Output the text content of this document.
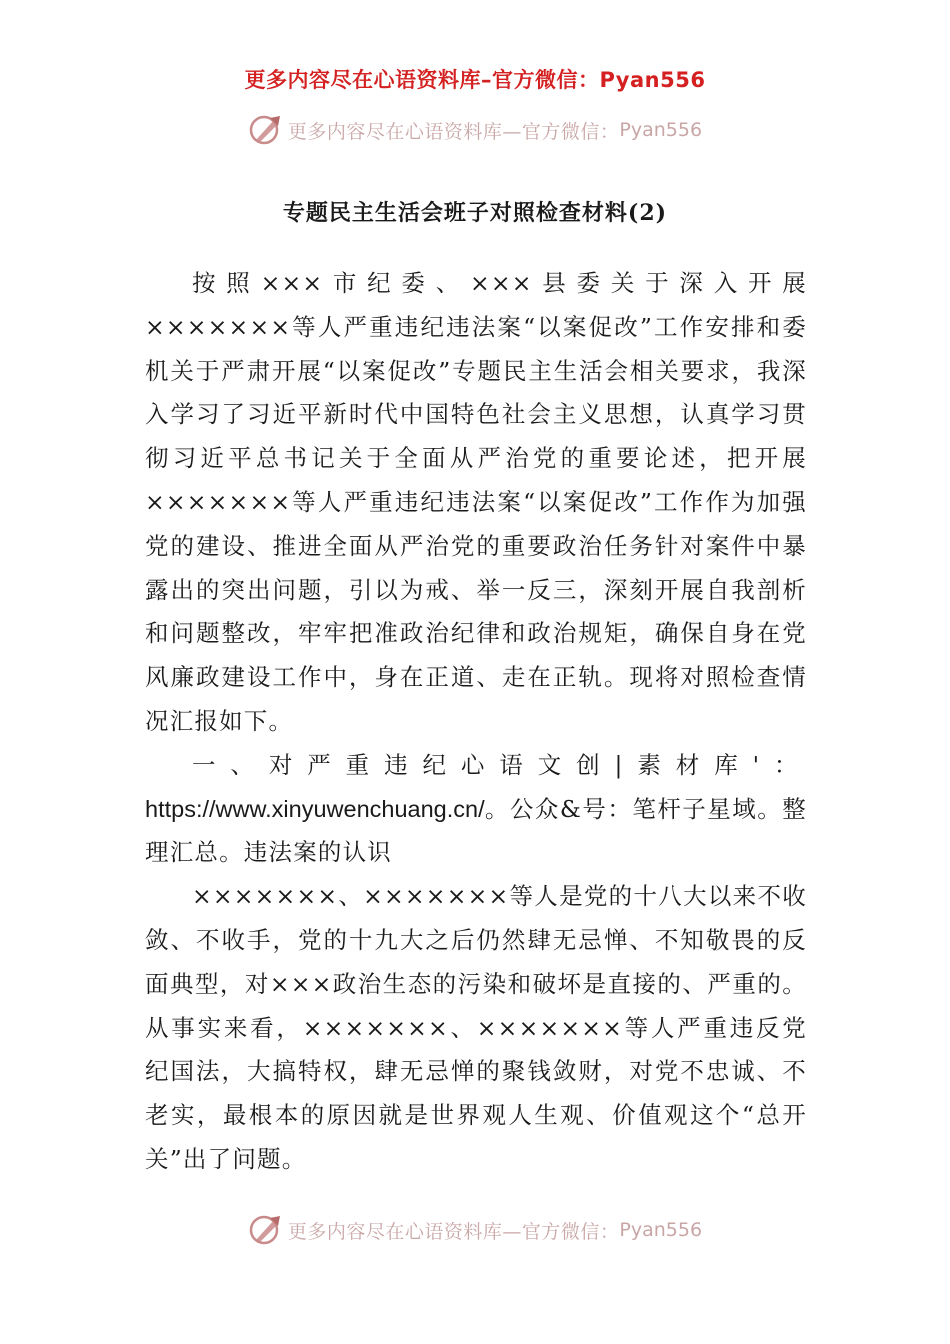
更多内容尽在心语资料库–官方微信：Pyan556
更多内容尽在心语资料库—官方微信： Pyan556
专题民主生活会班子对照检查材料(2)

按照×××市纪委、×××县委关于深入开展×××××××等人严重违纪违法案“以案促改”工作安排和委机关于严肃开展“以案促改”专题民主生活会相关要求，我深入学习了习近平新时代中国特色社会主义思想，认真学习贯彻习近平总书记关于全面从严治党的重要论述，把开展×××××××等人严重违纪违法案“以案促改”工作作为加强党的建设、推进全面从严治党的重要政治任务针对案件中暴露出的突出问题，引以为戒、举一反三，深刻开展自我剖析和问题整改，牢牢把准政治纪律和政治规矩，确保自身在党风廉政建设工作中，身在正道、走在正轨。现将对照检查情况汇报如下。

一、对严重违纪心语文创|素材库'：https://www.xinyuwenchuang.cn/。公众&号：笔杆子星域。整理汇总。违法案的认识

×××××××、×××××××等人是党的十八大以来不收敛、不收手，党的十九大之后仍然肆无忌惮、不知敬畏的反面典型，对×××政治生态的污染和破坏是直接的、严重的。从事实来看，×××××××、×××××××等人严重违反党纪国法，大搞特权，肆无忌惮的聚钱敛财，对党不忠诚、不老实，最根本的原因就是世界观人生观、价值观这个“总开关”出了问题。

更多内容尽在心语资料库—官方微信： Pyan556
